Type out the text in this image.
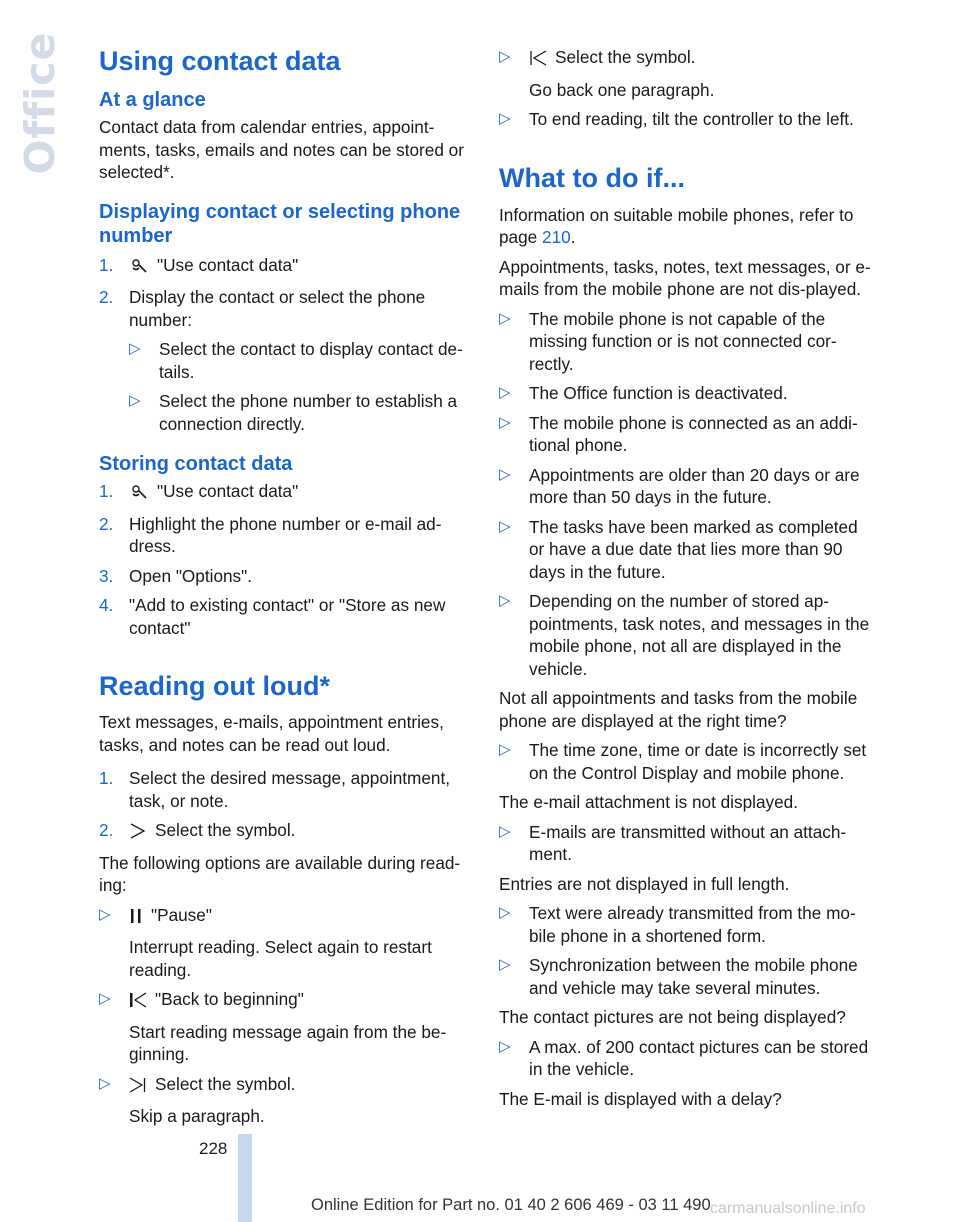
Office Using contact data
At a glance

Contact data from calendar entries, appoint-ments, tasks, emails and notes can be stored or selected*.

Displaying contact or selecting phone number
1.	"Use contact data"
2. Display the contact or select the phone number:
▷	Select the contact to display contact de-tails.
▷	Select the phone number to establish a connection directly.
Storing contact data
1.	"Use contact data"
2. Highlight the phone number or e-mail ad-dress.
3. Open "Options".
4. "Add to existing contact" or "Store as new contact"
Reading out loud*

Text messages, e-mails, appointment entries, tasks, and notes can be read out loud.

1. Select the desired message, appointment, task, or note.
2.	Select the symbol.

The following options are available during read-ing:

▷	"Pause"

Interrupt reading. Select again to restart reading.

▷	"Back to beginning"

Start reading message again from the be-ginning.

▷	Select the symbol.

Skip a paragraph.

▷	Select the symbol.

Go back one paragraph.

▷	To end reading, tilt the controller to the left.
What to do if...

Information on suitable mobile phones, refer to page 210.

Appointments, tasks, notes, text messages, or e-mails from the mobile phone are not dis-played.

▷	The mobile phone is not capable of the missing function or is not connected cor-rectly.
▷	The Office function is deactivated.
▷	The mobile phone is connected as an addi-tional phone.
▷	Appointments are older than 20 days or are more than 50 days in the future.
▷	The tasks have been marked as completed or have a due date that lies more than 90 days in the future.
▷	Depending on the number of stored ap-pointments, task notes, and messages in the mobile phone, not all are displayed in the vehicle.

Not all appointments and tasks from the mobile phone are displayed at the right time?

▷	The time zone, time or date is incorrectly set on the Control Display and mobile phone.

The e-mail attachment is not displayed.

▷	E-mails are transmitted without an attach-ment.

Entries are not displayed in full length.

▷	Text were already transmitted from the mo-bile phone in a shortened form.
▷	Synchronization between the mobile phone and vehicle may take several minutes.

The contact pictures are not being displayed?

▷	A max. of 200 contact pictures can be stored in the vehicle.

The E-mail is displayed with a delay?

228
Online Edition for Part no. 01 40 2 606 469 - 03 11 490 carmanualsonline.info
